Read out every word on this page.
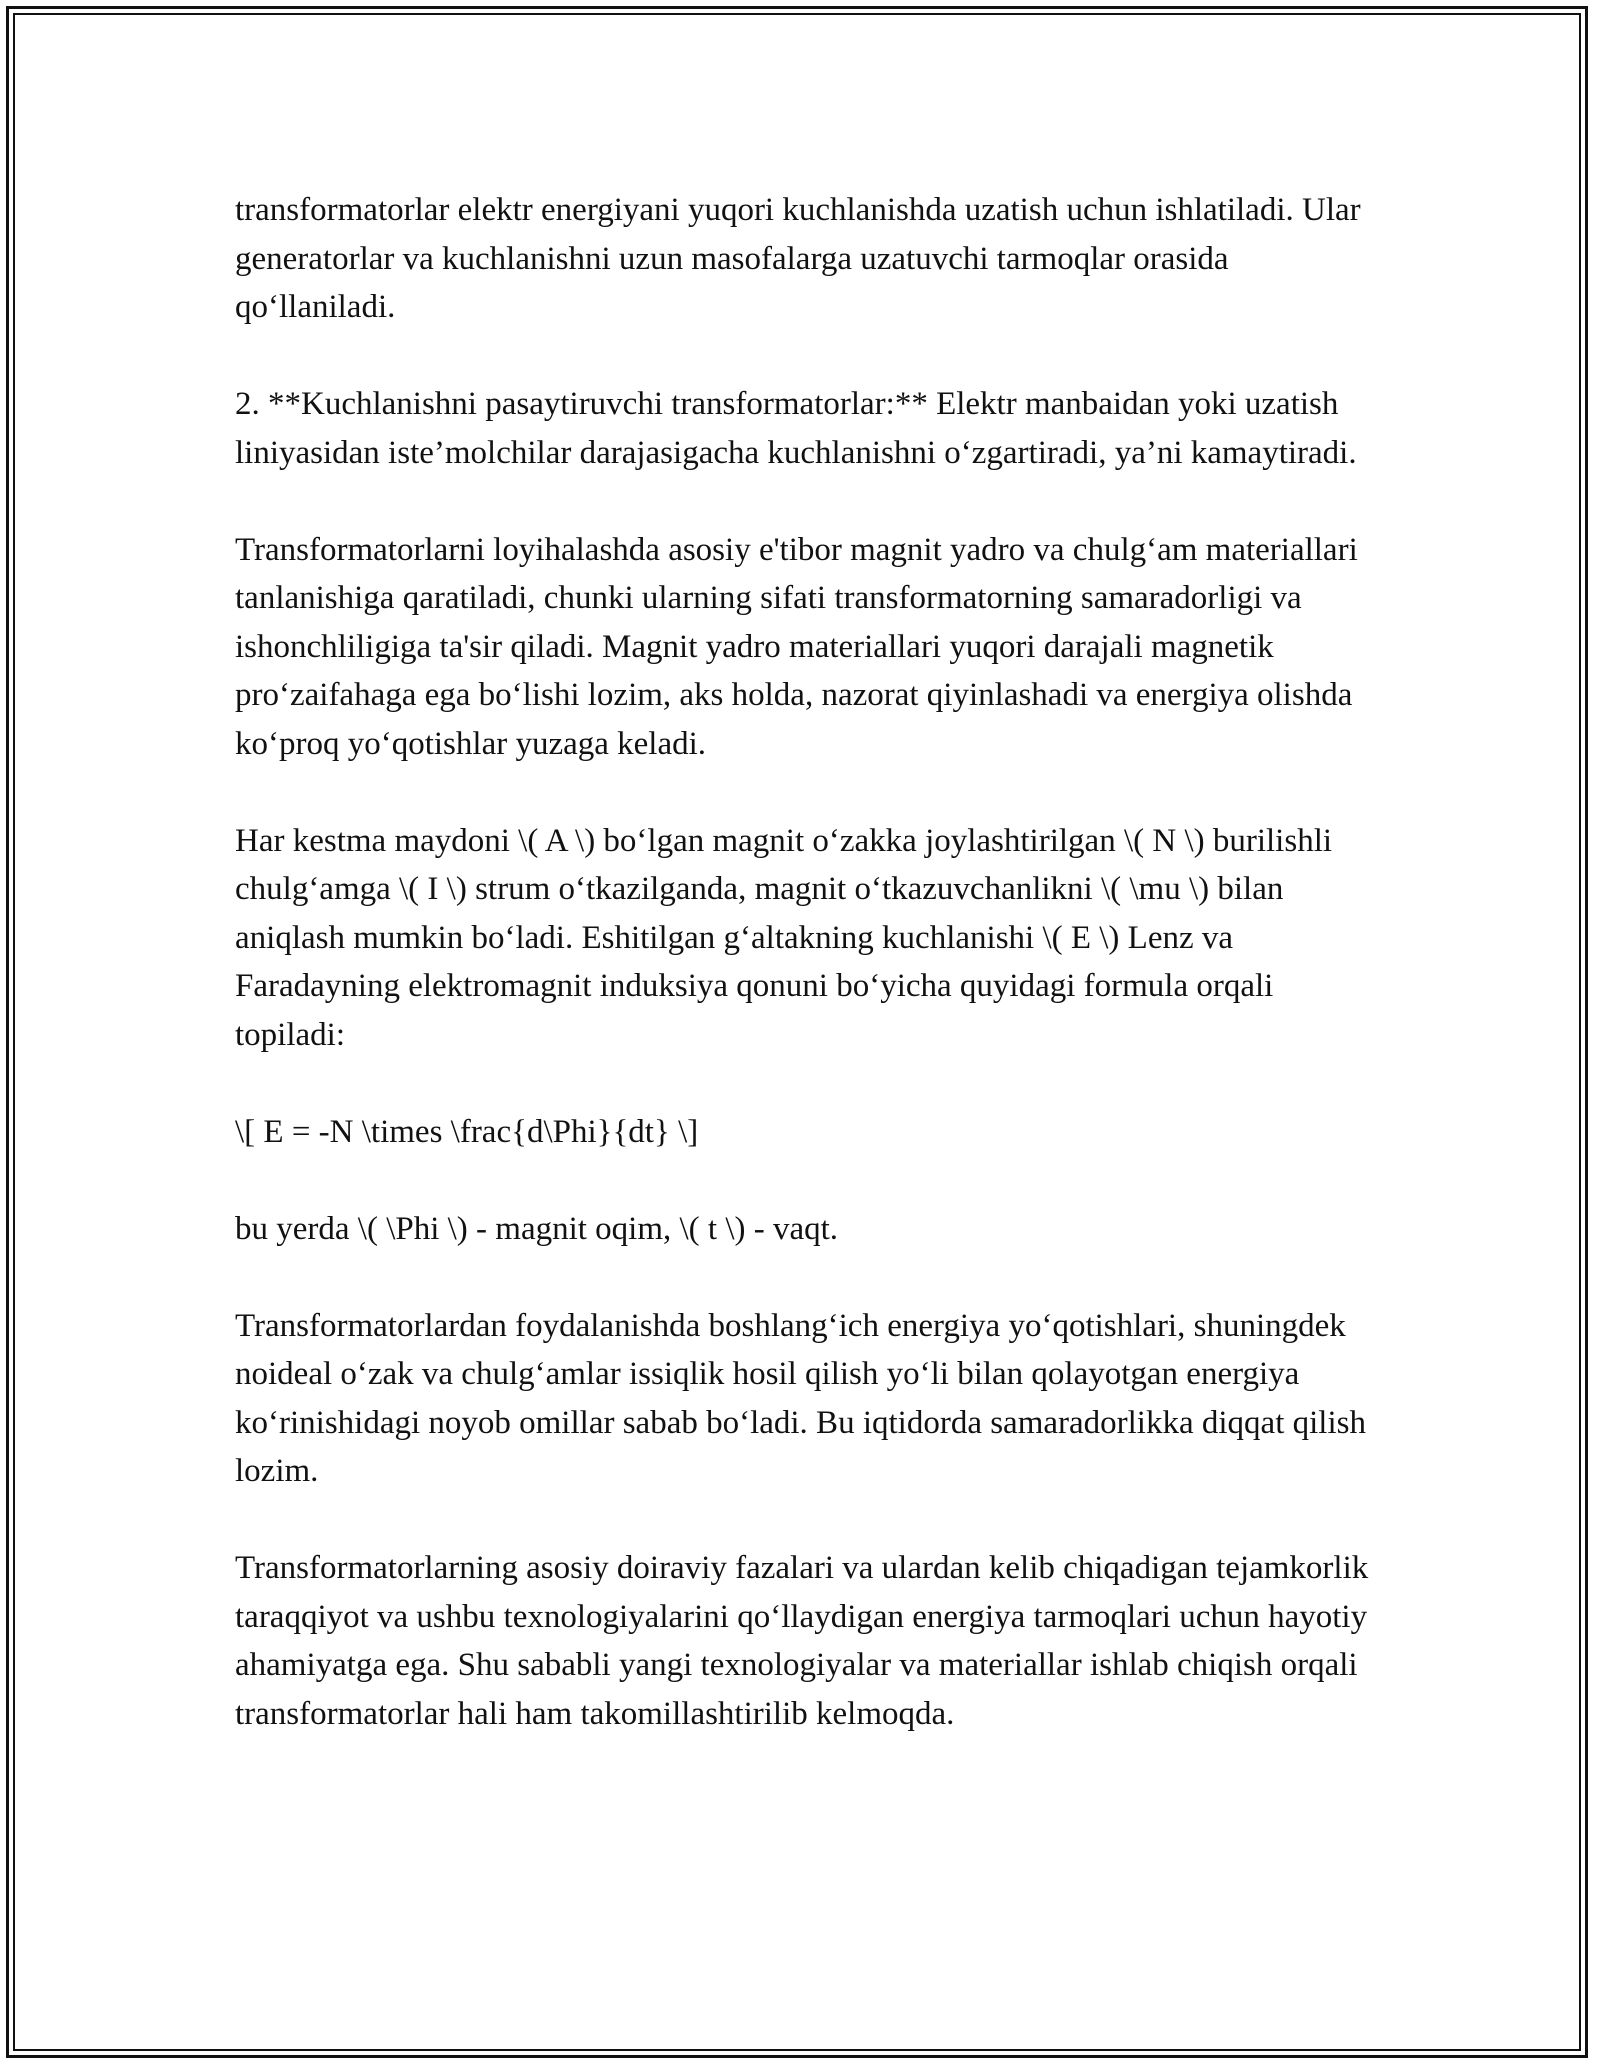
transformatorlar elektr energiyani yuqori kuchlanishda uzatish uchun ishlatiladi. Ular generatorlar va kuchlanishni uzun masofalarga uzatuvchi tarmoqlar orasida qo‘llaniladi.

2. **Kuchlanishni pasaytiruvchi transformatorlar:** Elektr manbaidan yoki uzatish liniyasidan iste’molchilar darajasigacha kuchlanishni o‘zgartiradi, ya’ni kamaytiradi.

Transformatorlarni loyihalashda asosiy e'tibor magnit yadro va chulg‘am materiallari tanlanishiga qaratiladi, chunki ularning sifati transformatorning samaradorligi va ishonchliligiga ta'sir qiladi. Magnit yadro materiallari yuqori darajali magnetik pro‘zaifahaga ega bo‘lishi lozim, aks holda, nazorat qiyinlashadi va energiya olishda ko‘proq yo‘qotishlar yuzaga keladi.

Har kestma maydoni \( A \) bo‘lgan magnit o‘zakka joylashtirilgan \( N \) burilishli chulg‘amga \( I \) strum o‘tkazilganda, magnit o‘tkazuvchanlikni \( \mu \) bilan aniqlash mumkin bo‘ladi. Eshitilgan g‘altakning kuchlanishi \( E \) Lenz va Faradayning elektromagnit induksiya qonuni bo‘yicha quyidagi formula orqali topiladi:

\[ E = -N \times \frac{d\Phi}{dt} \]

bu yerda \( \Phi \) - magnit oqim, \( t \) - vaqt.

Transformatorlardan foydalanishda boshlang‘ich energiya yo‘qotishlari, shuningdek noideal o‘zak va chulg‘amlar issiqlik hosil qilish yo‘li bilan qolayotgan energiya ko‘rinishidagi noyob omillar sabab bo‘ladi. Bu iqtidorda samaradorlikka diqqat qilish lozim.

Transformatorlarning asosiy doiraviy fazalari va ulardan kelib chiqadigan tejamkorlik taraqqiyot va ushbu texnologiyalarini qo‘llaydigan energiya tarmoqlari uchun hayotiy ahamiyatga ega. Shu sababli yangi texnologiyalar va materiallar ishlab chiqish orqali transformatorlar hali ham takomillashtirilib kelmoqda.
